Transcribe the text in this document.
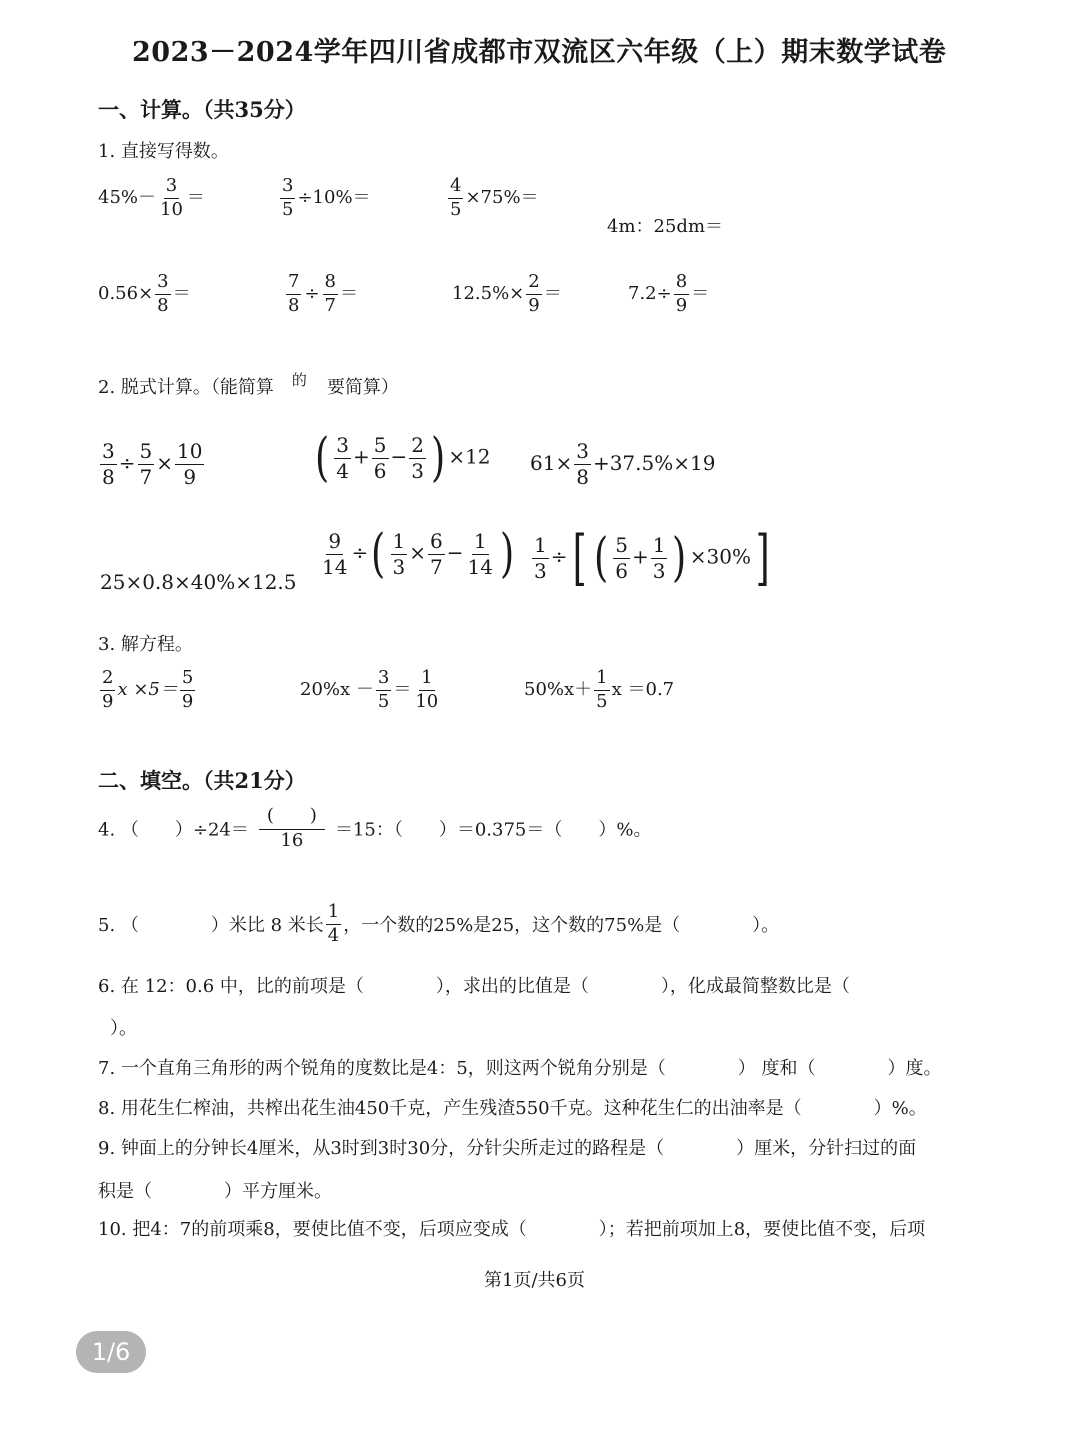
2023－2024学年四川省成都市双流区六年级（上）期末数学试卷
一、计算。（共35分）
1. 直接写得数。
$45\%- \frac{3}{10}$ ＝	$\frac{3}{5} \div 10\%=$	$\frac{4}{5} \times 75\%=$
4m：25dm＝
$0.56\times \frac{3}{8}$ ＝	$\frac{7}{8} \div \frac{8}{7}$ ＝	$12.5\%\times \frac{2}{9}$ ＝	$7.2\div \frac{8}{9}$ ＝
2. 脱式计算。（能简算 $^的$ 要简算）
$\frac{3}{8} \div \frac{5}{7} \times \frac{10}{9}$ ( $\frac{3}{4} + \frac{5}{6} - \frac{2}{3}$ ) ×12 $61\times \frac{3}{8} +37.5\%\times 19$
25×0.8×40%×12.5
$\frac{9}{14}$ ÷( $\frac{1}{3} \times \frac{6}{7} - \frac{1}{14}$ ) $\frac{1}{3}$ ÷[ ( $\frac{5}{6} + \frac{1}{3}$ ) ×30%]
3. 解方程。
$\frac{2}{9}$ $x \times 5= \frac{5}{9}$	$20\%x - \frac{3}{5} = \frac{1}{10}$	$50\%x+ \frac{1}{5}$ x ＝0.7
二、填空。（共21分）
4. （　　）$\div 24= \frac{( )}{16} =15$：（　　）＝0.375＝（　　）%。
5. （　　　　）米比 8 米长 $\frac{1}{4}$ ，一个数的25%是25，这个数的75%是（　　　　）。
6. 在 12：0.6 中，比的前项是（　　　　），求出的比值是（　　　　），化成最简整数比是（
）。
7. 一个直角三角形的两个锐角的度数比是4：5，则这两个锐角分别是（　　　　） 度和（　　　　）度。
8. 用花生仁榨油，共榨出花生油450千克，产生残渣550千克。这种花生仁的出油率是（　　　　）%。
9. 钟面上的分钟长4厘米，从3时到3时30分，分针尖所走过的路程是（　　　　）厘米，分针扫过的面
积是（　　　　）平方厘米。
10. 把4：7的前项乘8，要使比值不变，后项应变成（　　　　）；若把前项加上8，要使比值不变，后项
第1页/共6页
1/6
